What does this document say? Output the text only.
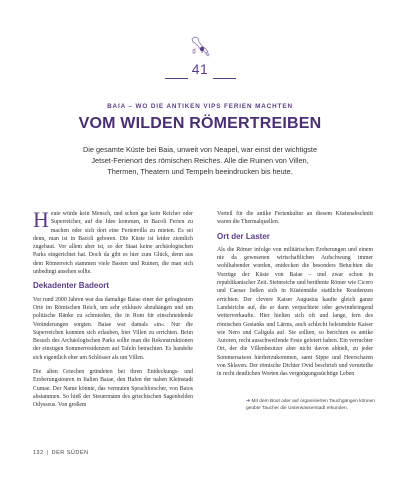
41
BAIA – WO DIE ANTIKEN VIPS FERIEN MACHTEN
VOM WILDEN RÖMERTREIBEN
Die gesamte Küste bei Baia, unweit von Neapel, war einst der wichtigste Jetset-Ferienort des römischen Reiches. Alle die Ruinen von Villen, Thermen, Theatern und Tempeln beeindrucken bis heute.

Heute würde kein Mensch, und schon gar kein Reicher oder Superreicher, auf die Idee kommen, in Bacoli Ferien zu machen oder sich dort eine Ferienvilla zu mieten. Es sei denn, man ist in Bacoli geboren. Die Küste ist leider ziemlich zugebaut. Vor allem aber ist, so der Staat keine archäologischen Parks eingerichtet hat. Doch da gibt es hier zum Glück, denn aus dem Römerreich stammen viele Basten und Ruinen, die man sich unbedingt ansehen sollte.

Dekadenter Badeort

Vor rund 2000 Jahren war das damalige Baiae einer der gefragtesten Orte im Römischen Reich, um sehr exklusiv abzuhängen und um politische Ränke zu schmieden, die in Rom für einschneidende Veränderungen sorgten. Baiae war damals »in«. Nur die Superreichen konnten sich erlauben, hier Villen zu errichten. Beim Besuch des Archäologischen Parks sollte man die Rekonstruktionen der einstigen Sommerresidenzen auf Tafeln betrachten. Es handelte sich eigentlich eher um Schlösser als um Villen.

Die alten Griechen gründeten bei ihren Entdeckungs- und Eroberungstouren in Italien Baiae, den Hafen der nahen Kleinstadt Cumae. Der Name könnte, das vermuten Sprachforscher, von Baios abstammen. So hieß der Steuermann des griechischen Sagenhelden Odysseus. Von großem

Vorteil für die antike Ferienkultur an diesem Küstenabschnitt waren die Thermalquellen.

Ort der Laster

Als die Römer infolge von militärischen Eroberungen und einem nie da gewesenen wirtschaftlichen Aufschwung immer wohlhabender wurden, entdecken die besonders Betuchten die Vorzüge der Küste von Baiae – und zwar schon in republikanischer Zeit. Steinreiche und berühmte Römer wie Cicero und Caesar ließen sich in Küstennähe stattliche Residenzen errichten. Der clevere Kaiser Augustus kaufte gleich ganze Landstriche auf, die er dann verpachtete oder gewinnbringend weiterverkaufte. Hier hielten sich oft und lange, fern des römischen Gestanks und Lärms, auch schlecht beleumdete Kaiser wie Nero und Caligula auf. Sie sollten, so berichten es antike Autoren, recht ausschweifende Feste gefeiert haben. Ein verruchter Ort, der die Villenbesitzer aber nicht davon abhielt, zu jeder Sommersaison hierherzukommen, samt Sippe und Heerscharen von Sklaven. Der römische Dichter Ovid beschrieb und verurteilte in recht deutlichen Worten das vergnügungssüchtige Leben

➜ Mit dem Boot oder auf organisierten Tauchgängen können geübte Taucher die Unterwasserstadt erkunden.
132 | DER SÜDEN
